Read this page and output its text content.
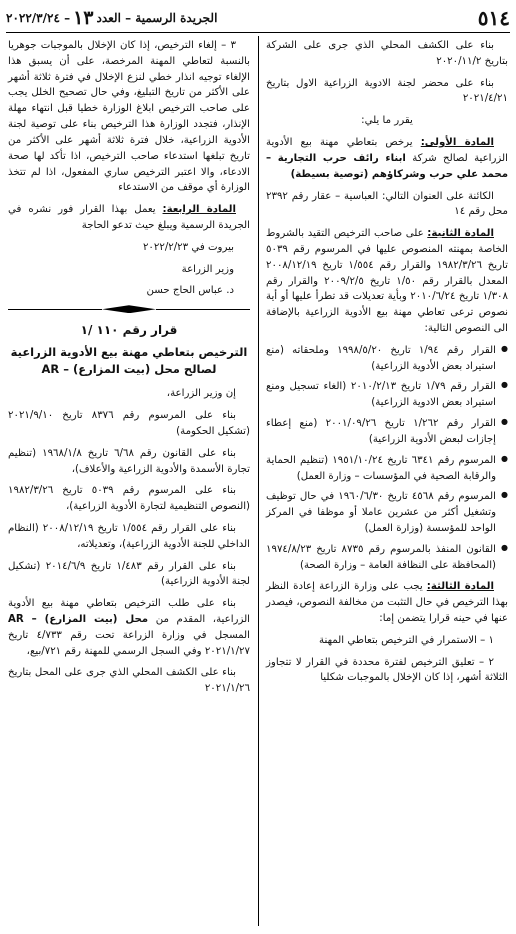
٥١٤
الجريدة الرسمية – العدد
١٣
– ٢٠٢٢/٣/٢٤

بناء على الكشف المحلي الذي جرى على الشركة بتاريخ ٢٠٢٠/١١/٢

بناء على محضر لجنة الادوية الزراعية الاول بتاريخ ٢٠٢١/٤/٢١

يقرر ما يلي:

المادة الأولى: يرخص بتعاطي مهنة بيع الأدوية الزراعية لصالح شركة ابناء رائف حرب التجارية – محمد علي حرب وشركاؤهم (توصية بسيطة)

الكائنة على العنوان التالي: العباسية – عقار رقم ٢٣٩٢ محل رقم ١٤

المادة الثانية: على صاحب الترخيص التقيد بالشروط الخاصة بمهنته المنصوص عليها في المرسوم رقم ٥٠٣٩ تاريخ ١٩٨٢/٣/٢٦ والقرار رقم ١/٥٥٤ تاريخ ٢٠٠٨/١٢/١٩ المعدل بالقرار رقم ١/٥٠ تاريخ ٢٠٠٩/٢/٥ والقرار رقم ١/٣٠٨ تاريخ ٢٠١٠/٦/٢٤ وبأية تعديلات قد تطرأ عليها أو أية نصوص ترعى تعاطي مهنة بيع الأدوية الزراعية بالإضافة الى النصوص التالية:

● القرار رقم ١/٩٤ تاريخ ١٩٩٨/٥/٢٠ وملحقاته (منع استيراد بعض الأدوية الزراعية)
● القرار رقم ١/٧٩ تاريخ ٢٠١٠/٢/١٣ (الغاء تسجيل ومنع استيراد بعض الادوية الزراعية)
● القرار رقم ١/٢٦٢ تاريخ ٢٠٠١/٠٩/٢٦ (منع إعطاء إجازات لبعض الأدوية الزراعية)
● المرسوم رقم ٦٣٤١ تاريخ ١٩٥١/١٠/٢٤ (تنظيم الحماية والرقابة الصحية في المؤسسات – وزارة العمل)
● المرسوم رقم ٤٥٦٨ تاريخ ١٩٦٠/٦/٣٠ في حال توظيف وتشغيل أكثر من عشرين عاملا أو موظفا في المركز الواحد للمؤسسة (وزارة العمل)
● القانون المنفذ بالمرسوم رقم ٨٧٣٥ تاريخ ١٩٧٤/٨/٢٣ (المحافظة على النظافة العامة – وزارة الصحة)

المادة الثالثة: يجب على وزارة الزراعة إعادة النظر بهذا الترخيص في حال التثبت من مخالفة النصوص، فيصدر عنها في حينه قرارا يتضمن إما:

١ – الاستمرار في الترخيص بتعاطي المهنة

٢ – تعليق الترخيص لفترة محددة في القرار لا تتجاوز الثلاثة أشهر، إذا كان الإخلال بالموجبات شكليا

٣ – إلغاء الترخيص، إذا كان الإخلال بالموجبات جوهريا بالنسبة لتعاطي المهنة المرخصة، على أن يسبق هذا الإلغاء توجيه انذار خطي لنزع الإخلال في فترة ثلاثة أشهر على الأكثر من تاريخ التبليغ، وفي حال تصحيح الخلل يجب على صاحب الترخيص ابلاغ الوزارة خطيا قبل انتهاء مهلة الإنذار، فتجدد الوزارة هذا الترخيص بناء على توصية لجنة الأدوية الزراعية، خلال فترة ثلاثة أشهر على الأكثر من تاريخ تبلغها استدعاء صاحب الترخيص، اذا تأكد لها صحة الادعاء، والا اعتبر الترخيص ساري المفعول، اذا لم تتخذ الوزارة أي موقف من الاستدعاء

المادة الرابعة: يعمل بهذا القرار فور نشره في الجريدة الرسمية ويبلغ حيث تدعو الحاجة

بيروت في ٢٠٢٢/٢/٢٣

وزير الزراعة

د. عباس الحاج حسن

قرار رقم ١١٠ /١
الترخيص بتعاطي مهنة بيع الأدوية الزراعية
لصالح محل (بيت المزارع) – AR

إن وزير الزراعة،

بناء على المرسوم رقم ٨٣٧٦ تاريخ ٢٠٢١/٩/١٠ (تشكيل الحكومة)

بناء على القانون رقم ٦/٦٨ تاريخ ١٩٦٨/١/٨ (تنظيم تجارة الأسمدة والأدوية الزراعية والأعلاف)،

بناء على المرسوم رقم ٥٠٣٩ تاريخ ١٩٨٢/٣/٢٦ (النصوص التنظيمية لتجارة الأدوية الزراعية)،

بناء على القرار رقم ١/٥٥٤ تاريخ ٢٠٠٨/١٢/١٩ (النظام الداخلي للجنة الأدوية الزراعية)، وتعديلاته،

بناء على القرار رقم ١/٤٨٣ تاريخ ٢٠١٤/٦/٩ (تشكيل لجنة الأدوية الزراعية)

بناء على طلب الترخيص بتعاطي مهنة بيع الأدوية الزراعية، المقدم من محل (بيت المزارع) – AR المسجل في وزارة الزراعة تحت رقم ٤/٧٣٣ تاريخ ٢٠٢١/١/٢٧ وفي السجل الرسمي للمهنة رقم ٧٢١/بيع،

بناء على الكشف المحلي الذي جرى على المحل بتاريخ ٢٠٢١/١/٢٦
